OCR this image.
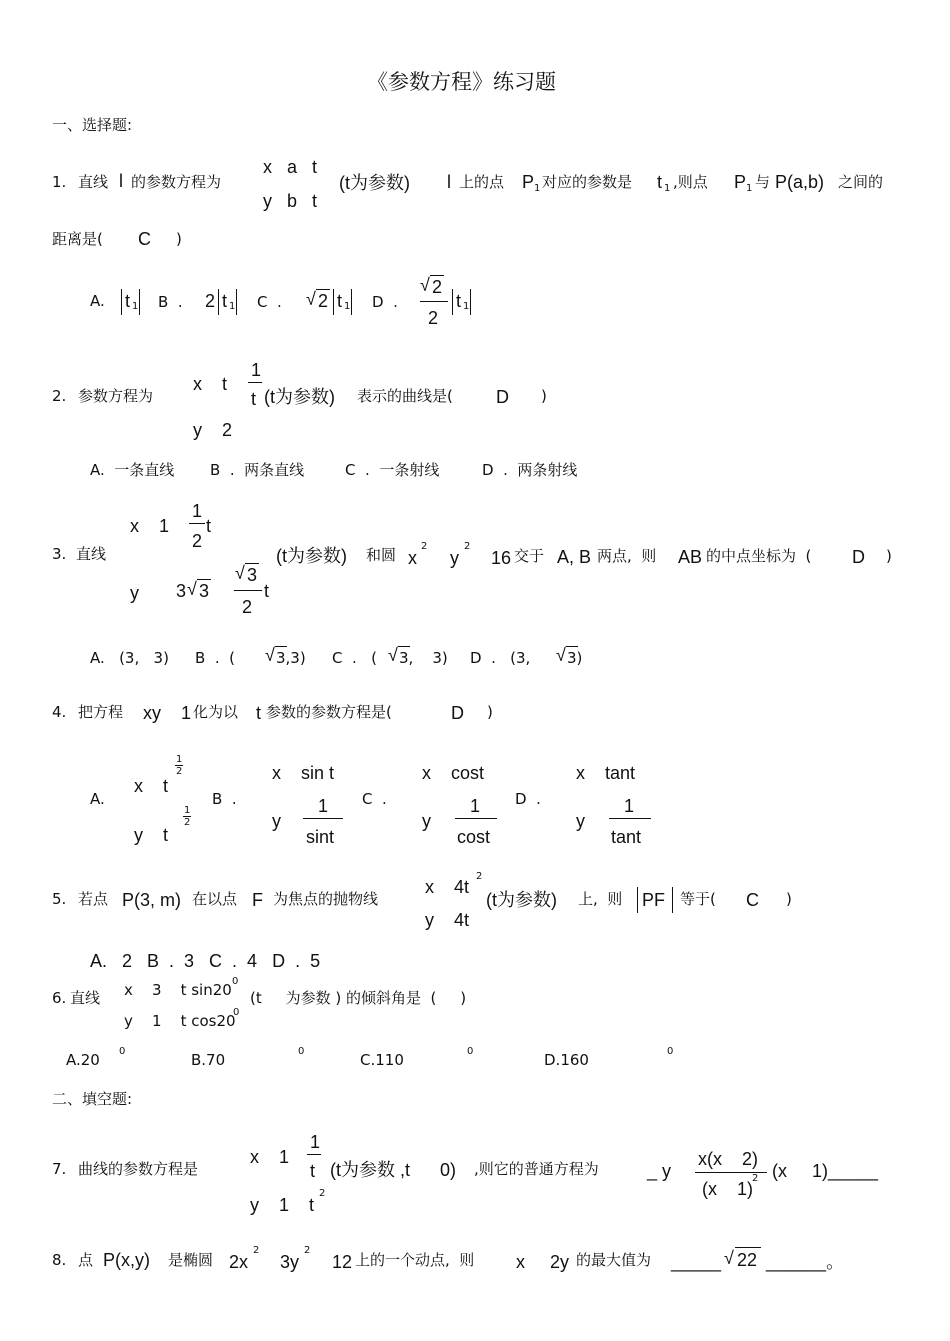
《参数方程》练习题
一、选择题:
1. 直线 l 的参数方程为
x   a   t
y   b   t
(t为参数) l 上的点 P 1 对应的参数是 t 1 ,则点 P 1 与 P(a,b) 之间的
距离是( C )
A. t 1 B  . 2 t 1 C  . √ 2 t 1 D  .
√ 2
2
t 1
2. 参数方程为
x    t
1
t (t为参数) 表示的曲线是( D )
y    2
A.  一条直线 B  .  两条直线	C  .  一条射线	D  .  两条射线
x    1
1
2
t
3. 直线
y 3 √ 3
√ 3
2
t
(t为参数) 和圆 x
2
y
2
16 交于 A, B 两点,  则 AB 的中点坐标为  ( D )
A.   (3,   3) B  .  ( √ 3,3) C  .   ( √ 3,    3) D  .   (3, √ 3)
4. 把方程 xy    1 化为以 t 参数的参数方程是(	D )
A.
x    t
1
2
y    t
1
2
B  .
x    sin t
y
1
sint
C  .
x    cost
y
1
cost
D  .
x    tant
y
1
tant
5. 若点 P(3, m) 在以点 F 为焦点的抛物线
x    4t
2
y    4t
(t为参数) 上,  则 PF 等于( C )
A.   2   B  .  3   C  .  4   D  .  5
6. 直线 x    3    t sin20 0
y    1    t cos20
0
(t     为参数 ) 的倾斜角是  (     )
A.20 0	B.70	0	C.110	0	D.160	0
二、填空题:
7. 曲线的参数方程是
x    1
1
t (t为参数 ,t      0) ,则它的普通方程为	_ y
x(x    2)
(x    1)
2 (x     1)_____
y    1    t
2
8. 点 P(x,y) 是椭圆 2x
2
3y
2
12 上的一个动点,  则 x     2y 的最大值为 _____ √ 22 ______。
